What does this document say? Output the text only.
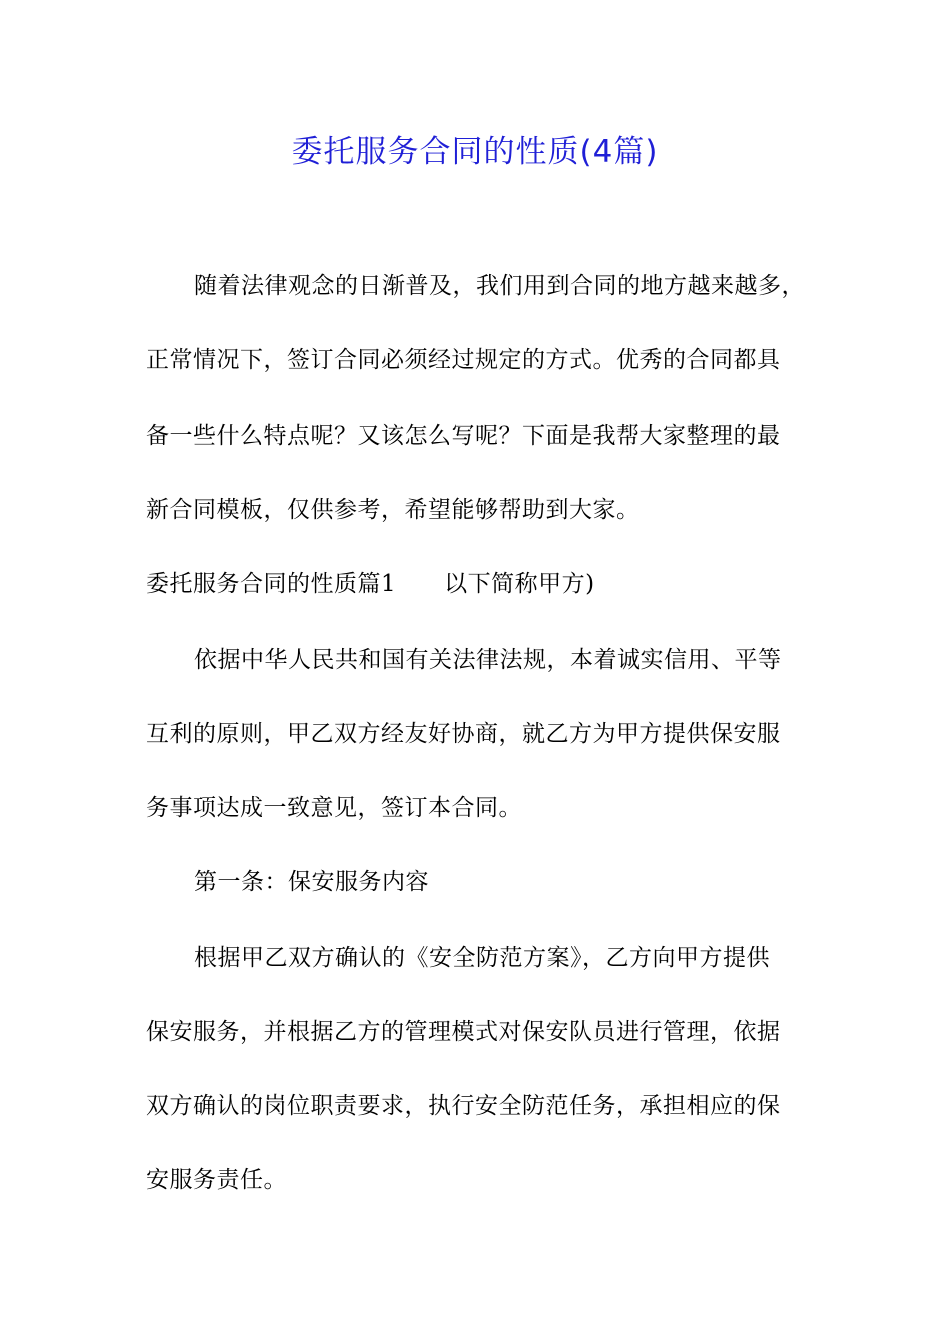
委托服务合同的性质(4篇)
随着法律观念的日渐普及，我们用到合同的地方越来越多，
正常情况下，签订合同必须经过规定的方式。优秀的合同都具
备一些什么特点呢？又该怎么写呢？下面是我帮大家整理的最
新合同模板，仅供参考，希望能够帮助到大家。
委托服务合同的性质篇1 以下简称甲方)
依据中华人民共和国有关法律法规，本着诚实信用、平等
互利的原则，甲乙双方经友好协商，就乙方为甲方提供保安服
务事项达成一致意见，签订本合同。
第一条：保安服务内容
根据甲乙双方确认的《安全防范方案》，乙方向甲方提供
保安服务，并根据乙方的管理模式对保安队员进行管理，依据
双方确认的岗位职责要求，执行安全防范任务，承担相应的保
安服务责任。
